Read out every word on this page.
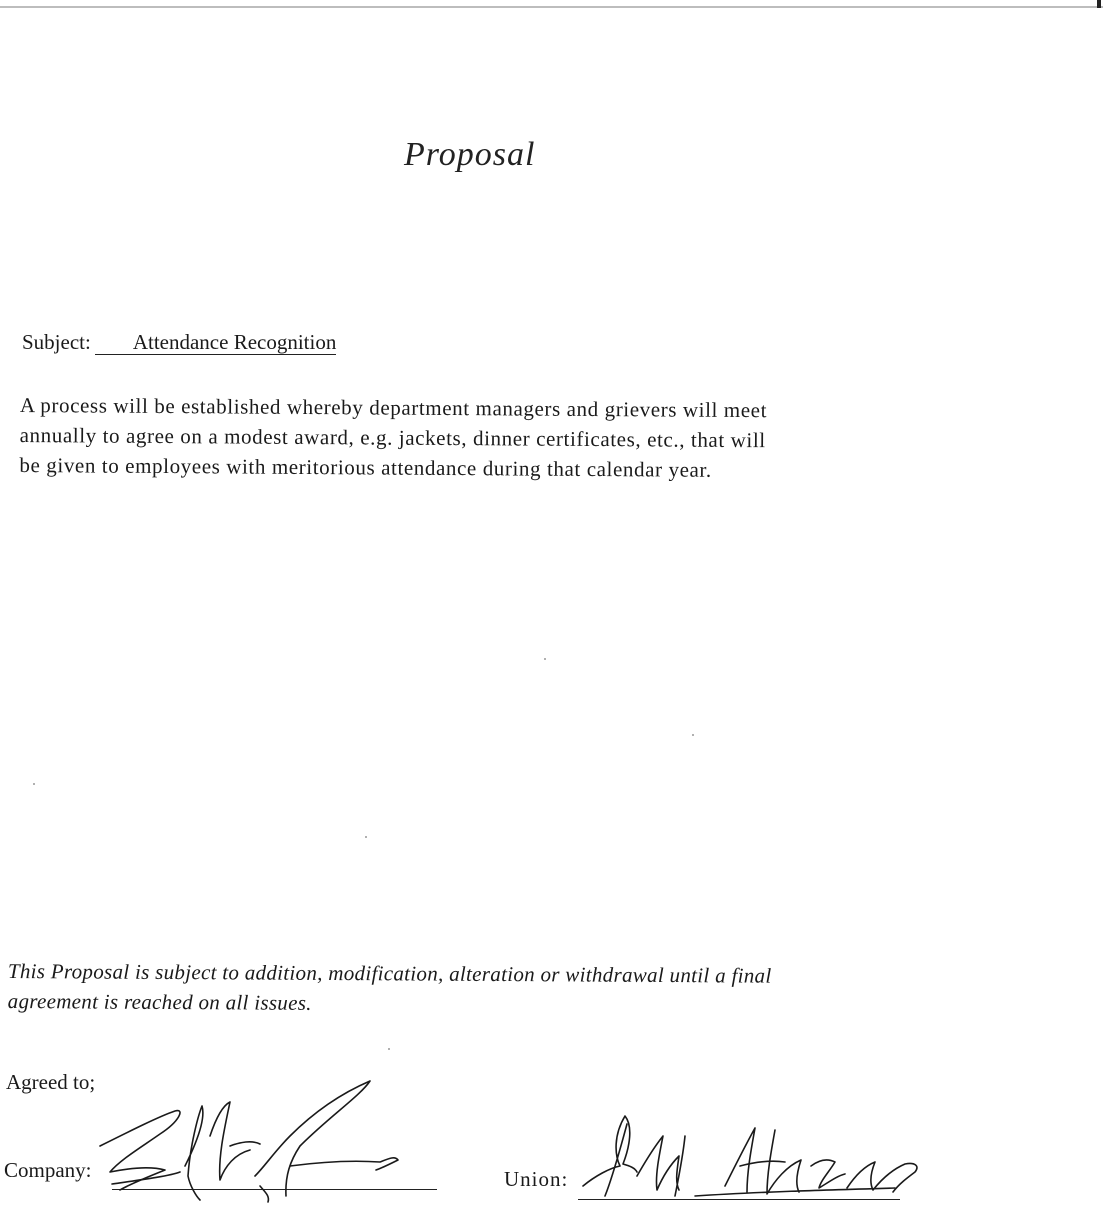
Proposal
Subject: Attendance Recognition

A process will be established whereby department managers and grievers will meet

annually to agree on a modest award, e.g. jackets, dinner certificates, etc., that will

be given to employees with meritorious attendance during that calendar year.

This Proposal is subject to addition, modification, alteration or withdrawal until a final

agreement is reached on all issues.

Agreed to;
Company:	Union:
